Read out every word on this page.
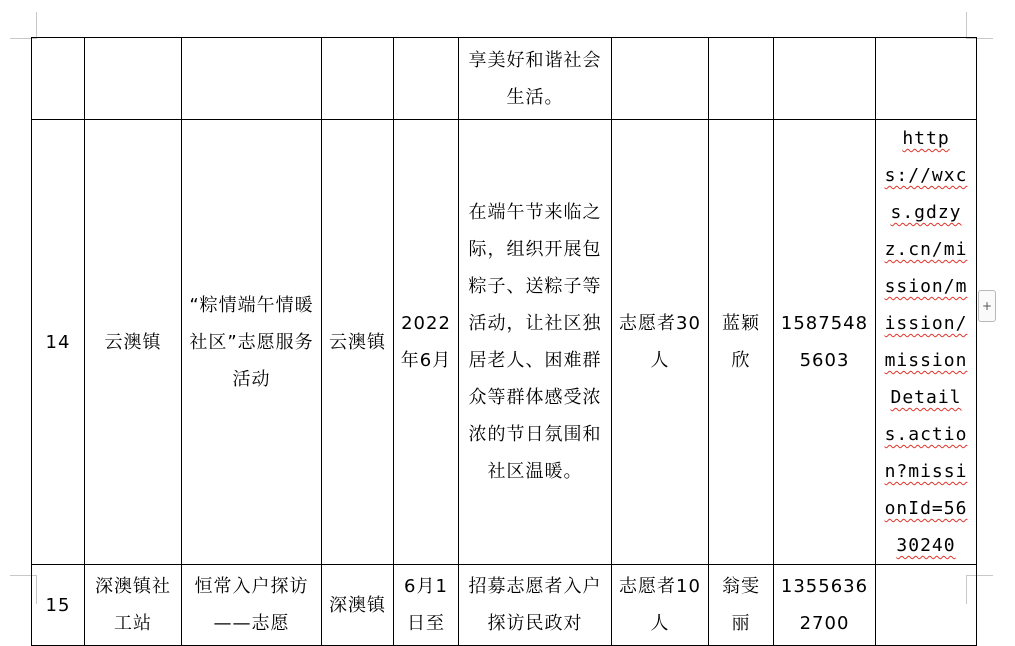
					享美好和谐社会生活。				
14	云澳镇	“粽情端午情暖社区”志愿服务活动	云澳镇	2022年6月	在端午节来临之际，组织开展包粽子、送粽子等活动，让社区独居老人、困难群众等群体感受浓浓的节日氛围和社区温暖。	志愿者30人	蓝颖欣	15875485603	https://wxcs.gdzyz.cn/mission/mission/missionDetails.action?missionId=5630240
15	深澳镇社工站	恒常入户探访——志愿	深澳镇	6月1日至	招募志愿者入户探访民政对	志愿者10人	翁雯丽	13556362700	
+
